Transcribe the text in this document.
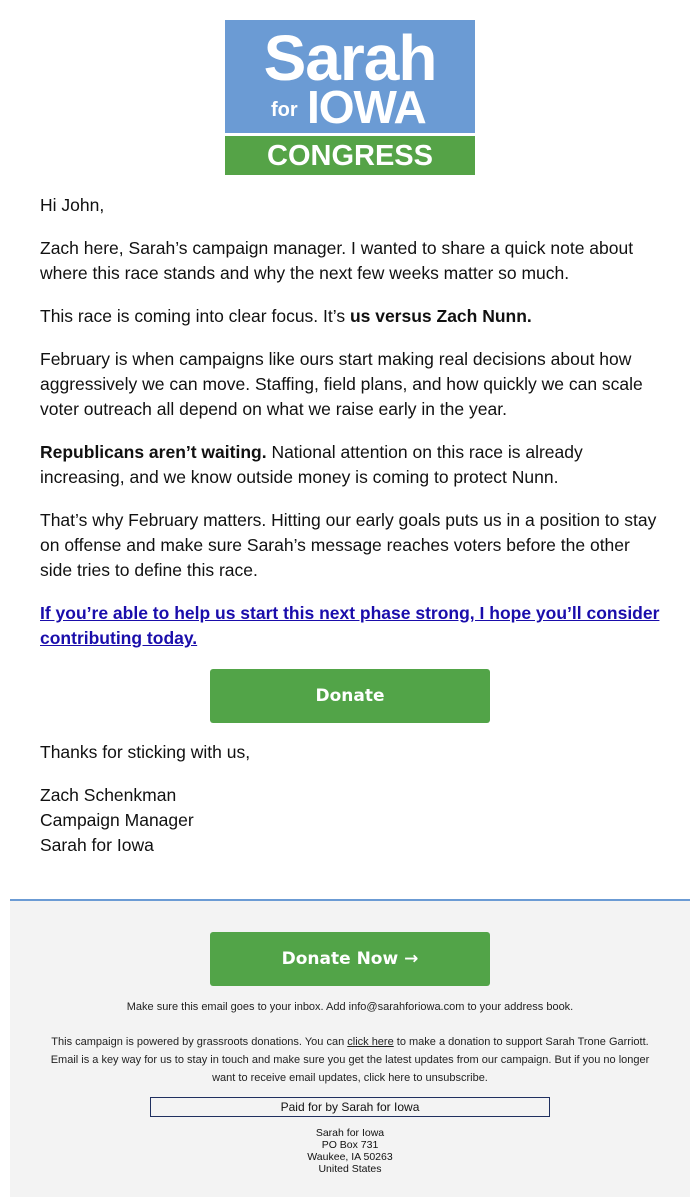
Sarah
for IOWA
CONGRESS

Hi John,

Zach here, Sarah’s campaign manager. I wanted to share a quick note about where this race stands and why the next few weeks matter so much.

This race is coming into clear focus. It’s us versus Zach Nunn.

February is when campaigns like ours start making real decisions about how aggressively we can move. Staffing, field plans, and how quickly we can scale voter outreach all depend on what we raise early in the year.

Republicans aren’t waiting. National attention on this race is already increasing, and we know outside money is coming to protect Nunn.

That’s why February matters. Hitting our early goals puts us in a position to stay on offense and make sure Sarah’s message reaches voters before the other side tries to define this race.

If you’re able to help us start this next phase strong, I hope you’ll consider contributing today.

Donate

Thanks for sticking with us,

Zach Schenkman

Campaign Manager

Sarah for Iowa

Donate Now →
Make sure this email goes to your inbox. Add info@sarahforiowa.com to your address book.
This campaign is powered by grassroots donations. You can click here to make a donation to support Sarah Trone Garriott. Email is a key way for us to stay in touch and make sure you get the latest updates from our campaign. But if you no longer want to receive email updates, click here to unsubscribe.
Paid for by Sarah for Iowa
Sarah for Iowa
PO Box 731
Waukee, IA 50263
United States
